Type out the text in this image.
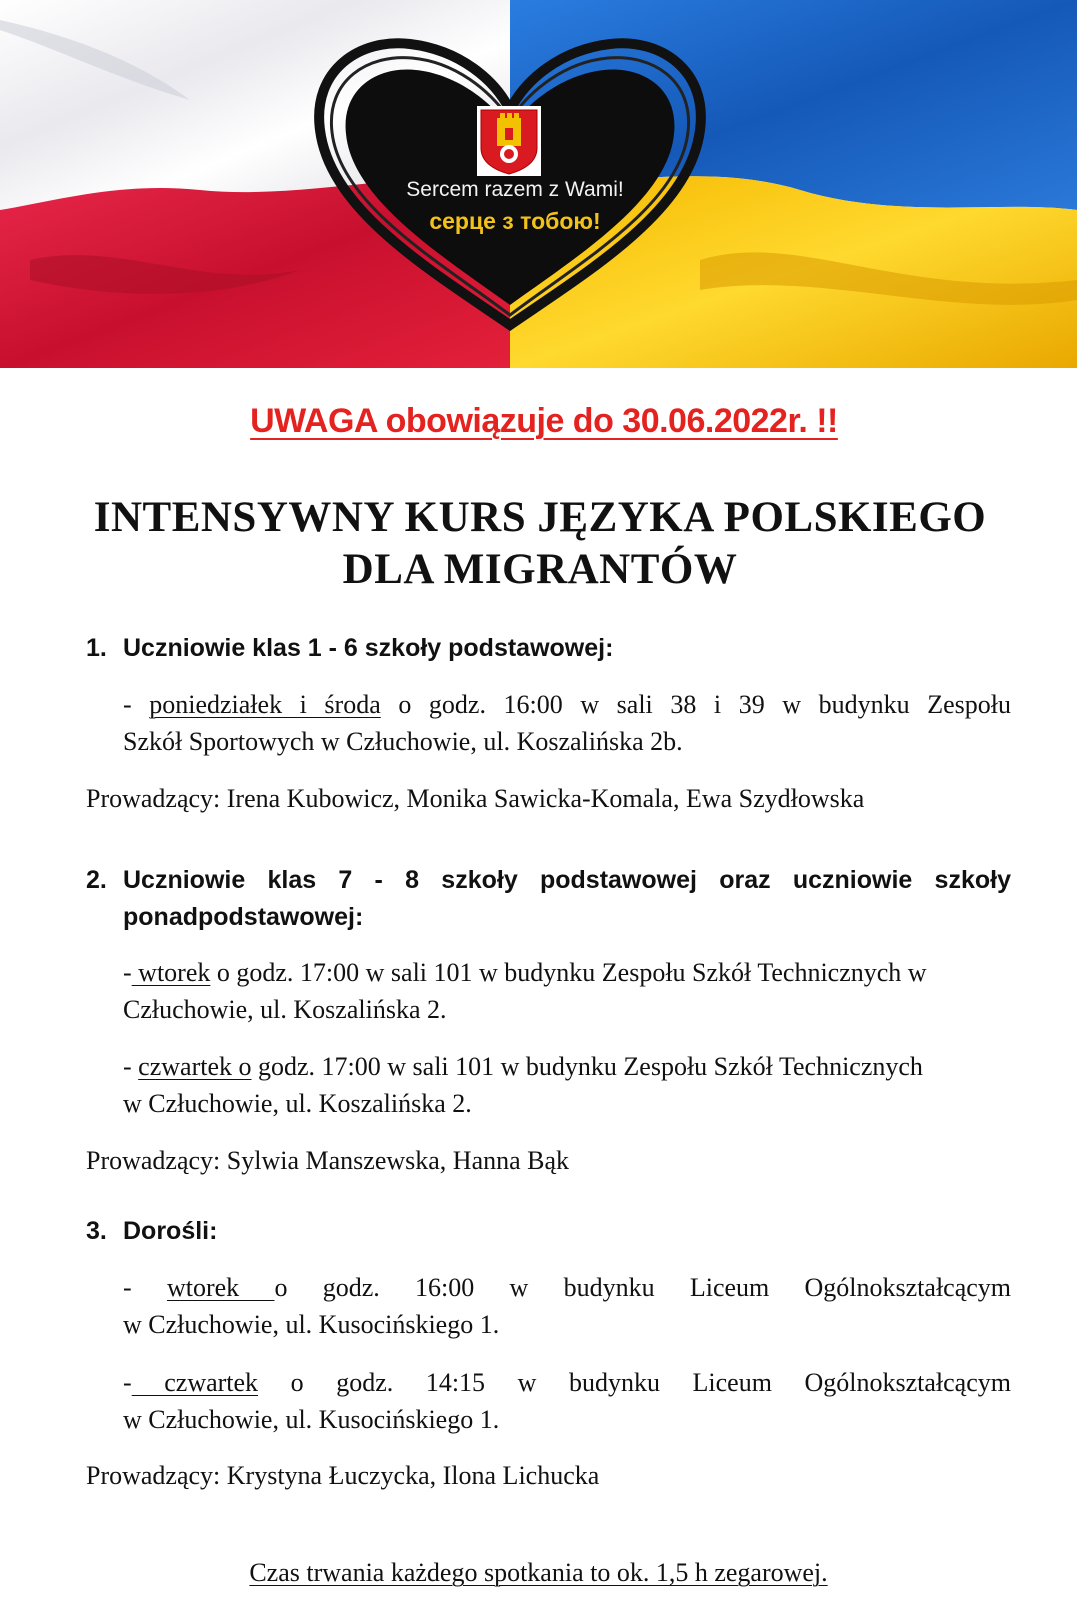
Sercem razem z Wami!
серце з тобою!
UWAGA obowiązuje do 30.06.2022r. !!
INTENSYWNY KURS JĘZYKA POLSKIEGO
DLA MIGRANTÓW
1. Uczniowie klas 1 - 6 szkoły podstawowej:
- poniedziałek i środa o godz. 16:00 w sali 38 i 39 w budynku Zespołu
Szkół Sportowych w Człuchowie, ul. Koszalińska 2b.
Prowadzący: Irena Kubowicz, Monika Sawicka-Komala, Ewa Szydłowska
2. Uczniowie klas 7 - 8 szkoły podstawowej oraz uczniowie szkoły
ponadpodstawowej:
- wtorek o godz. 17:00 w sali 101 w budynku Zespołu Szkół Technicznych w
Człuchowie, ul. Koszalińska 2.
- czwartek o godz. 17:00 w sali 101 w budynku Zespołu Szkół Technicznych
w Człuchowie, ul. Koszalińska 2.
Prowadzący: Sylwia Manszewska, Hanna Bąk
3. Dorośli:
- wtorek o godz. 16:00 w budynku Liceum Ogólnokształcącym
w Człuchowie, ul. Kusocińskiego 1.
- czwartek o godz. 14:15 w budynku Liceum Ogólnokształcącym
w Człuchowie, ul. Kusocińskiego 1.
Prowadzący: Krystyna Łuczycka, Ilona Lichucka
Czas trwania każdego spotkania to ok. 1,5 h zegarowej.
